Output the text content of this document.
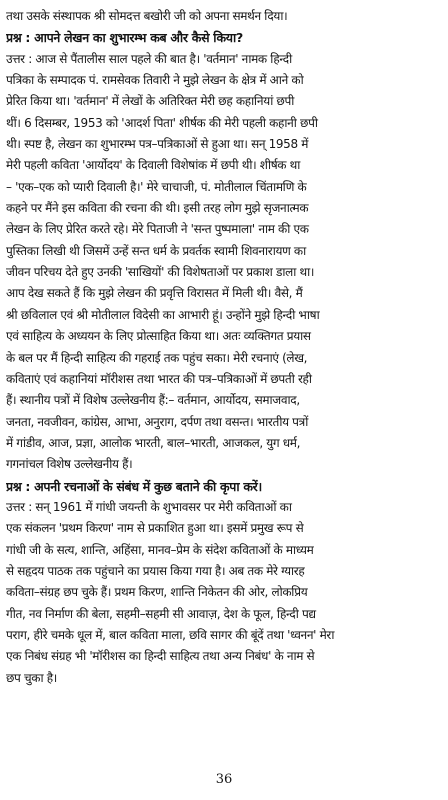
तथा उसके संस्थापक श्री सोमदत्त बखोरी जी को अपना समर्थन दिया।
प्रश्न : आपने लेखन का शुभारम्भ कब और कैसे किया?
उत्तर : आज से पैंतालीस साल पहले की बात है। 'वर्तमान' नामक हिन्दी
पत्रिका के सम्पादक पं. रामसेवक तिवारी ने मुझे लेखन के क्षेत्र में आने को
प्रेरित किया था। 'वर्तमान' में लेखों के अतिरिक्त मेरी छह कहानियां छपी
थीं। 6 दिसम्बर, 1953 को 'आदर्श पिता' शीर्षक की मेरी पहली कहानी छपी
थी। स्पष्ट है, लेखन का शुभारम्भ पत्र–पत्रिकाओं से हुआ था। सन् 1958 में
मेरी पहली कविता 'आर्योदय' के दिवाली विशेषांक में छपी थी। शीर्षक था
– 'एक–एक को प्यारी दिवाली है।' मेरे चाचाजी, पं. मोतीलाल चिंतामणि के
कहने पर मैंने इस कविता की रचना की थी। इसी तरह लोग मुझे सृजनात्मक
लेखन के लिए प्रेरित करते रहे। मेरे पिताजी ने 'सन्त पुष्पमाला' नाम की एक
पुस्तिका लिखी थी जिसमें उन्हें सन्त धर्म के प्रवर्तक स्वामी शिवनारायण का
जीवन परिचय देते हुए उनकी 'साखियों' की विशेषताओं पर प्रकाश डाला था।
आप देख सकते हैं कि मुझे लेखन की प्रवृत्ति विरासत में मिली थी। वैसे, मैं
श्री छविलाल एवं श्री मोतीलाल विदेसी का आभारी हूं। उन्होंने मुझे हिन्दी भाषा
एवं साहित्य के अध्ययन के लिए प्रोत्साहित किया था। अतः व्यक्तिगत प्रयास
के बल पर मैं हिन्दी साहित्य की गहराई तक पहुंच सका। मेरी रचनाएं (लेख,
कविताएं एवं कहानियां मॉरीशस तथा भारत की पत्र–पत्रिकाओं में छपती रही
हैं। स्थानीय पत्रों में विशेष उल्लेखनीय हैं:– वर्तमान, आर्योदय, समाजवाद,
जनता, नवजीवन, कांग्रेस, आभा, अनुराग, दर्पण तथा वसन्त। भारतीय पत्रों
में गांडीव, आज, प्रज्ञा, आलोक भारती, बाल–भारती, आजकल, युग धर्म,
गगनांचल विशेष उल्लेखनीय हैं।
प्रश्न : अपनी रचनाओं के संबंध में कुछ बताने की कृपा करें।
उत्तर : सन् 1961 में गांधी जयन्ती के शुभावसर पर मेरी कविताओं का
एक संकलन 'प्रथम किरण' नाम से प्रकाशित हुआ था। इसमें प्रमुख रूप से
गांधी जी के सत्य, शान्ति, अहिंसा, मानव–प्रेम के संदेश कविताओं के माध्यम
से सहृदय पाठक तक पहुंचाने का प्रयास किया गया है। अब तक मेरे ग्यारह
कविता–संग्रह छप चुके हैं। प्रथम किरण, शान्ति निकेतन की ओर, लोकप्रिय
गीत, नव निर्माण की बेला, सहमी–सहमी सी आवाज़, देश के फूल, हिन्दी पद्य
पराग, हीरे चमके धूल में, बाल कविता माला, छवि सागर की बूंदें तथा 'ध्वनन' मेरा
एक निबंध संग्रह भी 'मॉरीशस का हिन्दी साहित्य तथा अन्य निबंध' के नाम से
छप चुका है।
36
